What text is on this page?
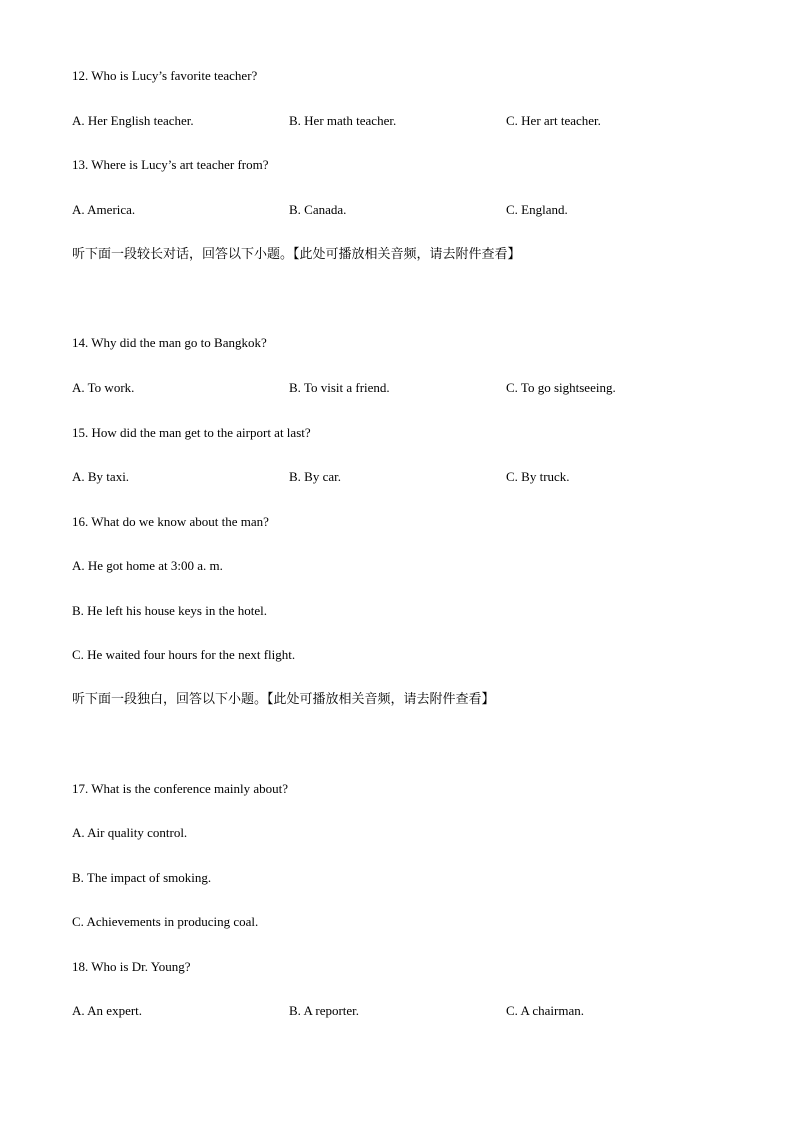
12. Who is Lucy’s favorite teacher?
A. Her English teacher.	B. Her math teacher.	C. Her art teacher.
13. Where is Lucy’s art teacher from?
A. America.	B. Canada.	C. England.
听下面一段较长对话，回答以下小题。【此处可播放相关音频，请去附件查看】
14. Why did the man go to Bangkok?
A. To work.	B. To visit a friend.	C. To go sightseeing.
15. How did the man get to the airport at last?
A. By taxi.	B. By car.	C. By truck.
16. What do we know about the man?
A. He got home at 3:00 a. m.
B. He left his house keys in the hotel.
C. He waited four hours for the next flight.
听下面一段独白，回答以下小题。【此处可播放相关音频，请去附件查看】
17. What is the conference mainly about?
A. Air quality control.
B. The impact of smoking.
C. Achievements in producing coal.
18. Who is Dr. Young?
A. An expert.	B. A reporter.	C. A chairman.
